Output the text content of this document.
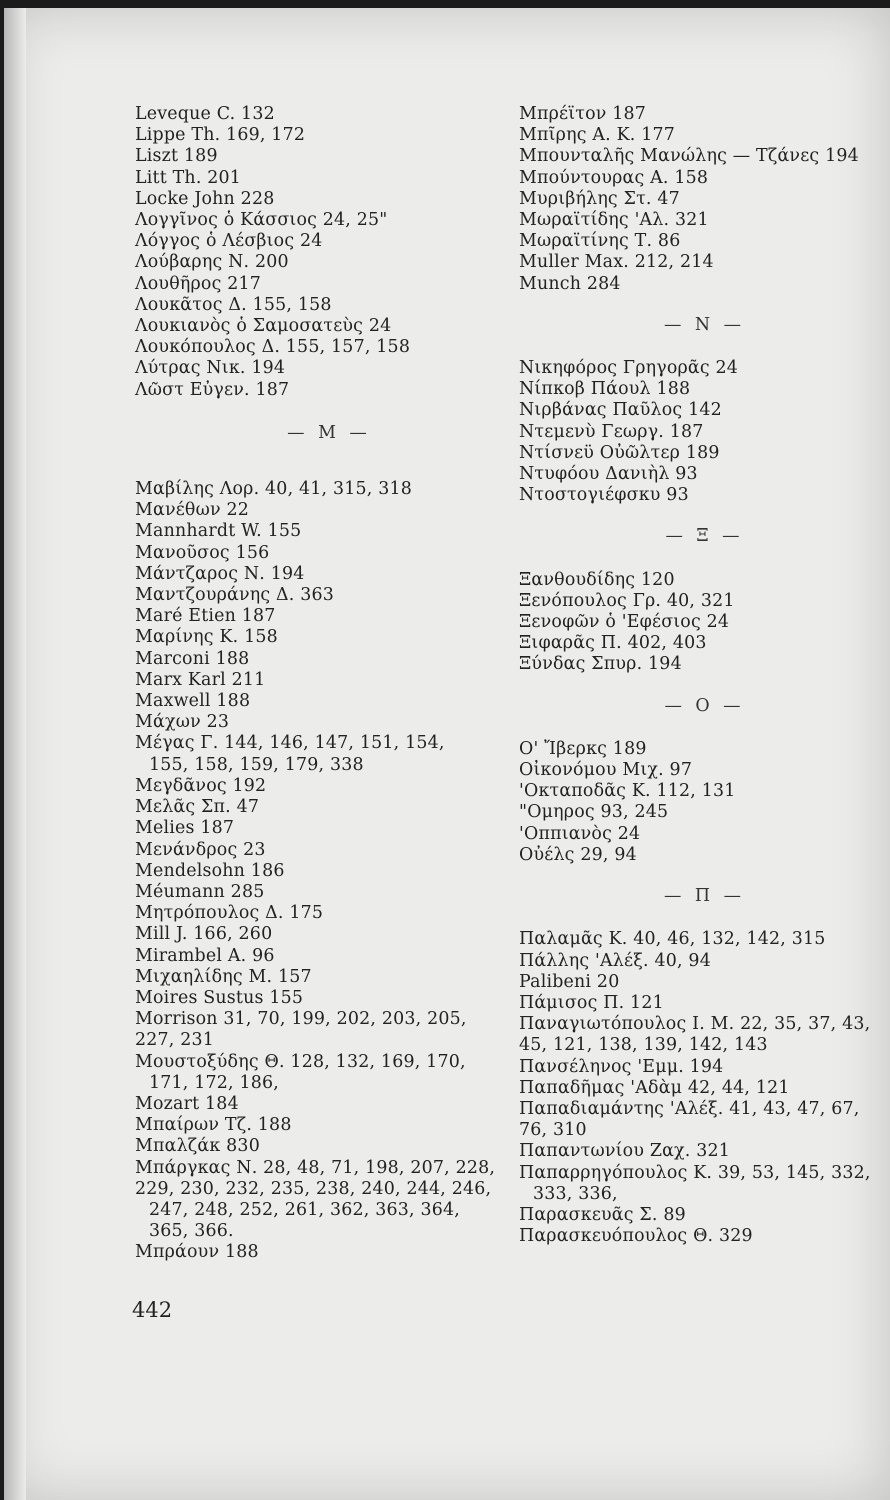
Leveque C. 132
Lippe Th. 169, 172
Liszt 189
Litt Th. 201
Locke John 228
Λογγῖνος ὁ Κάσσιος 24, 25"
Λόγγος ὁ Λέσβιος 24
Λούβαρης Ν. 200
Λουθῆρος 217
Λουκᾶτος Δ. 155, 158
Λουκιανὸς ὁ Σαμοσατεὺς 24
Λουκόπουλος Δ. 155, 157, 158
Λύτρας Νικ. 194
Λῶστ Εὐγεν. 187
— M —
Μαβίλης Λορ. 40, 41, 315, 318
Μανέθων 22
Mannhardt W. 155
Μανοῦσος 156
Μάντζαρος Ν. 194
Μαντζουράνης Δ. 363
Maré Etien 187
Μαρίνης Κ. 158
Marconi 188
Marx Karl 211
Maxwell 188
Μάχων 23
Μέγας Γ. 144, 146, 147, 151, 154,
155, 158, 159, 179, 338
Μεγδᾶνος 192
Μελᾶς Σπ. 47
Melies 187
Μενάνδρος 23
Mendelsohn 186
Méumann 285
Μητρόπουλος Δ. 175
Mill J. 166, 260
Mirambel A. 96
Μιχαηλίδης Μ. 157
Moires Sustus 155
Morrison 31, 70, 199, 202, 203, 205,
227, 231
Μουστοξύδης Θ. 128, 132, 169, 170,
171, 172, 186,
Mozart 184
Μπαίρων Τζ. 188
Μπαλζάκ 830
Μπάργκας Ν. 28, 48, 71, 198, 207, 228,
229, 230, 232, 235, 238, 240, 244, 246,
247, 248, 252, 261, 362, 363, 364,
365, 366.
Μπράουν 188
Μπρέϊτον 187
Μπῖρης Α. Κ. 177
Μπουνταλῆς Μανώλης — Τζάνες 194
Μπούντουρας Α. 158
Μυριβήλης Στ. 47
Μωραϊτίδης 'Αλ. 321
Μωραϊτίνης Τ. 86
Muller Max. 212, 214
Munch 284
— N —
Νικηφόρος Γρηγορᾶς 24
Νίπκοβ Πάουλ 188
Νιρβάνας Παῦλος 142
Ντεμενὺ Γεωργ. 187
Ντίσνεϋ Οὐῶλτερ 189
Ντυφόου Δανιὴλ 93
Ντοστογιέφσκυ 93
— Ξ —
Ξανθουδίδης 120
Ξενόπουλος Γρ. 40, 321
Ξενοφῶν ὁ 'Εφέσιος 24
Ξιφαρᾶς Π. 402, 403
Ξύνδας Σπυρ. 194
— O —
Ο' Ἴβερκς 189
Οἰκονόμου Μιχ. 97
'Οκταποδᾶς Κ. 112, 131
"Ομηρος 93, 245
'Οππιανὸς 24
Οὐέλς 29, 94
— Π —
Παλαμᾶς Κ. 40, 46, 132, 142, 315
Πάλλης 'Αλέξ. 40, 94
Palibeni 20
Πάμισος Π. 121
Παναγιωτόπουλος Ι. Μ. 22, 35, 37, 43,
45, 121, 138, 139, 142, 143
Πανσέληνος 'Εμμ. 194
Παπαδῆμας 'Αδὰμ 42, 44, 121
Παπαδιαμάντης 'Αλέξ. 41, 43, 47, 67,
76, 310
Παπαντωνίου Ζαχ. 321
Παπαρρηγόπουλος Κ. 39, 53, 145, 332,
333, 336,
Παρασκευᾶς Σ. 89
Παρασκευόπουλος Θ. 329
442
